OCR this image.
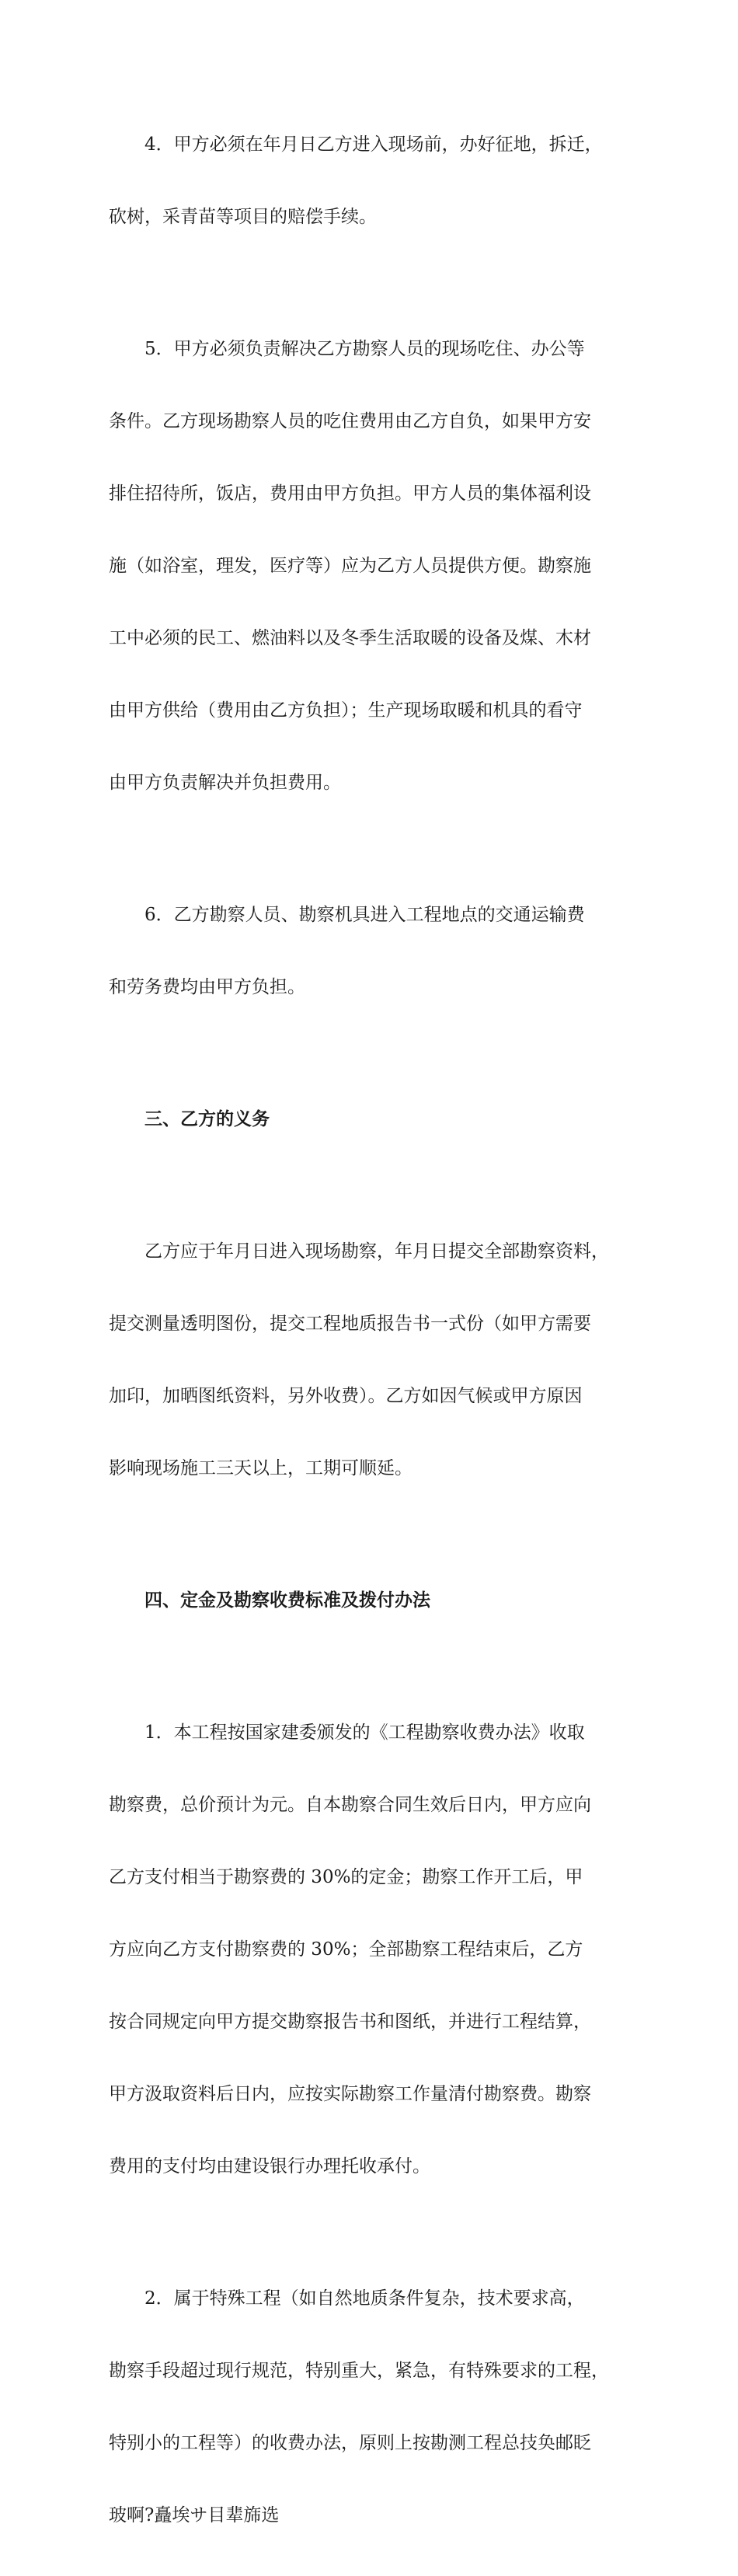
　　4．甲方必须在年月日乙方进入现场前，办好征地，拆迁，

砍树，采青苗等项目的赔偿手续。

　　5．甲方必须负责解决乙方勘察人员的现场吃住、办公等

条件。乙方现场勘察人员的吃住费用由乙方自负，如果甲方安

排住招待所，饭店，费用由甲方负担。甲方人员的集体福利设

施（如浴室，理发，医疗等）应为乙方人员提供方便。勘察施

工中必须的民工、燃油料以及冬季生活取暖的设备及煤、木材

由甲方供给（费用由乙方负担）；生产现场取暖和机具的看守

由甲方负责解决并负担费用。

　　6．乙方勘察人员、勘察机具进入工程地点的交通运输费

和劳务费均由甲方负担。

　　三、乙方的义务

　　乙方应于年月日进入现场勘察，年月日提交全部勘察资料，

提交测量透明图份，提交工程地质报告书一式份（如甲方需要

加印，加晒图纸资料，另外收费）。乙方如因气候或甲方原因

影响现场施工三天以上，工期可顺延。

　　四、定金及勘察收费标准及拨付办法

　　1．本工程按国家建委颁发的《工程勘察收费办法》收取

勘察费，总价预计为元。自本勘察合同生效后日内，甲方应向

乙方支付相当于勘察费的 30%的定金；勘察工作开工后，甲

方应向乙方支付勘察费的 30%；全部勘察工程结束后，乙方

按合同规定向甲方提交勘察报告书和图纸，并进行工程结算，

甲方汲取资料后日内，应按实际勘察工作量清付勘察费。勘察

费用的支付均由建设银行办理托收承付。

　　2．属于特殊工程（如自然地质条件复杂，技术要求高，

勘察手段超过现行规范，特别重大，紧急，有特殊要求的工程，

特别小的工程等）的收费办法，原则上按勘测工程总技奂邮眨

玻啊?矗埃サ目辈旆选
